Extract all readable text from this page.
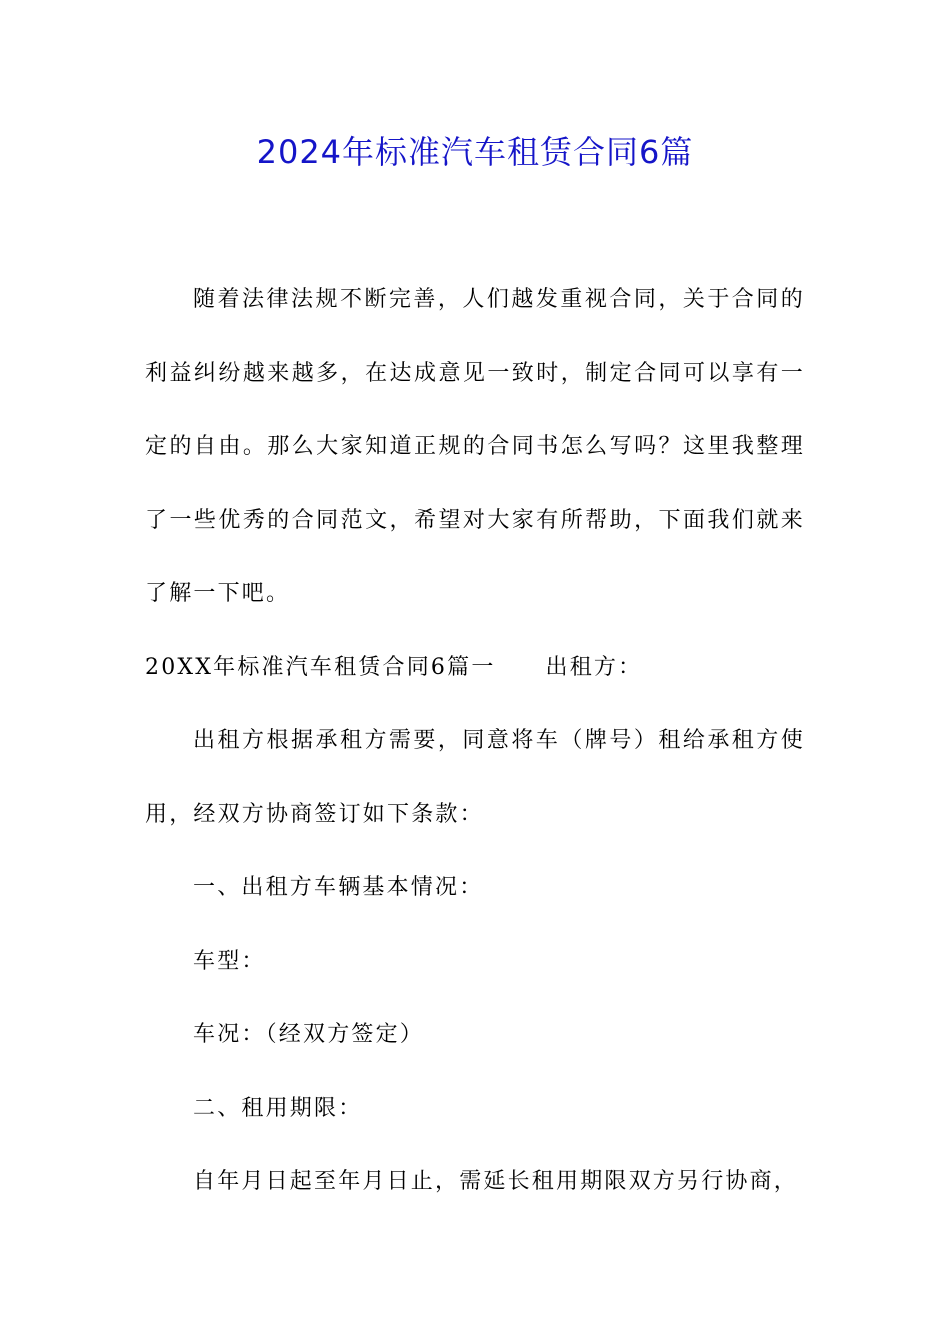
2024年标准汽车租赁合同6篇

随着法律法规不断完善，人们越发重视合同，关于合同的利益纠纷越来越多，在达成意见一致时，制定合同可以享有一定的自由。那么大家知道正规的合同书怎么写吗？这里我整理了一些优秀的合同范文，希望对大家有所帮助，下面我们就来了解一下吧。

20XX年标准汽车租赁合同6篇一 出租方：

出租方根据承租方需要，同意将车（牌号）租给承租方使用，经双方协商签订如下条款：

一、出租方车辆基本情况：

车型：

车况：（经双方签定）

二、租用期限：

自年月日起至年月日止，需延长租用期限双方另行协商，
